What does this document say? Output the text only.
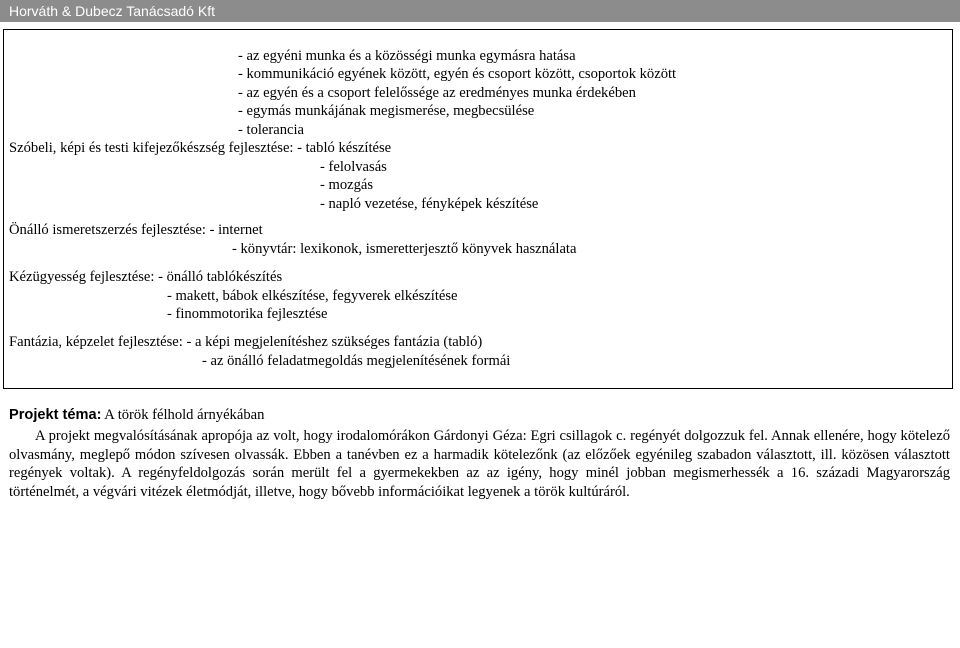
Horváth & Dubecz Tanácsadó Kft
- az egyéni munka és a közösségi munka egymásra hatása
- kommunikáció egyének között, egyén és csoport között, csoportok között
- az egyén és a csoport felelőssége az eredményes munka érdekében
- egymás munkájának megismerése, megbecsülése
- tolerancia
Szóbeli, képi és testi kifejezőkészség fejlesztése: - tabló készítése
- felolvasás
- mozgás
- napló vezetése, fényképek készítése
Önálló ismeretszerzés fejlesztése: - internet
- könyvtár: lexikonok, ismeretterjesztő könyvek használata
Kézügyesség fejlesztése: - önálló tablókészítés
- makett, bábok elkészítése, fegyverek elkészítése
- finommotorika fejlesztése
Fantázia, képzelet fejlesztése: - a képi megjelenítéshez szükséges fantázia (tabló)
- az önálló feladatmegoldás megjelenítésének formái
Projekt téma: A török félhold árnyékában
A projekt megvalósításának apropója az volt, hogy irodalomórákon Gárdonyi Géza: Egri csillagok c. regényét dolgozzuk fel. Annak ellenére, hogy kötelező olvasmány, meglepő módon szívesen olvassák. Ebben a tanévben ez a harmadik kötelezőnk (az előzőek egyénileg szabadon választott, ill. közösen választott regények voltak). A regényfeldolgozás során merült fel a gyermekekben az az igény, hogy minél jobban megismerhessék a 16. századi Magyarország történelmét, a végvári vitézek életmódját, illetve, hogy bővebb információikat legyenek a török kultúráról.
